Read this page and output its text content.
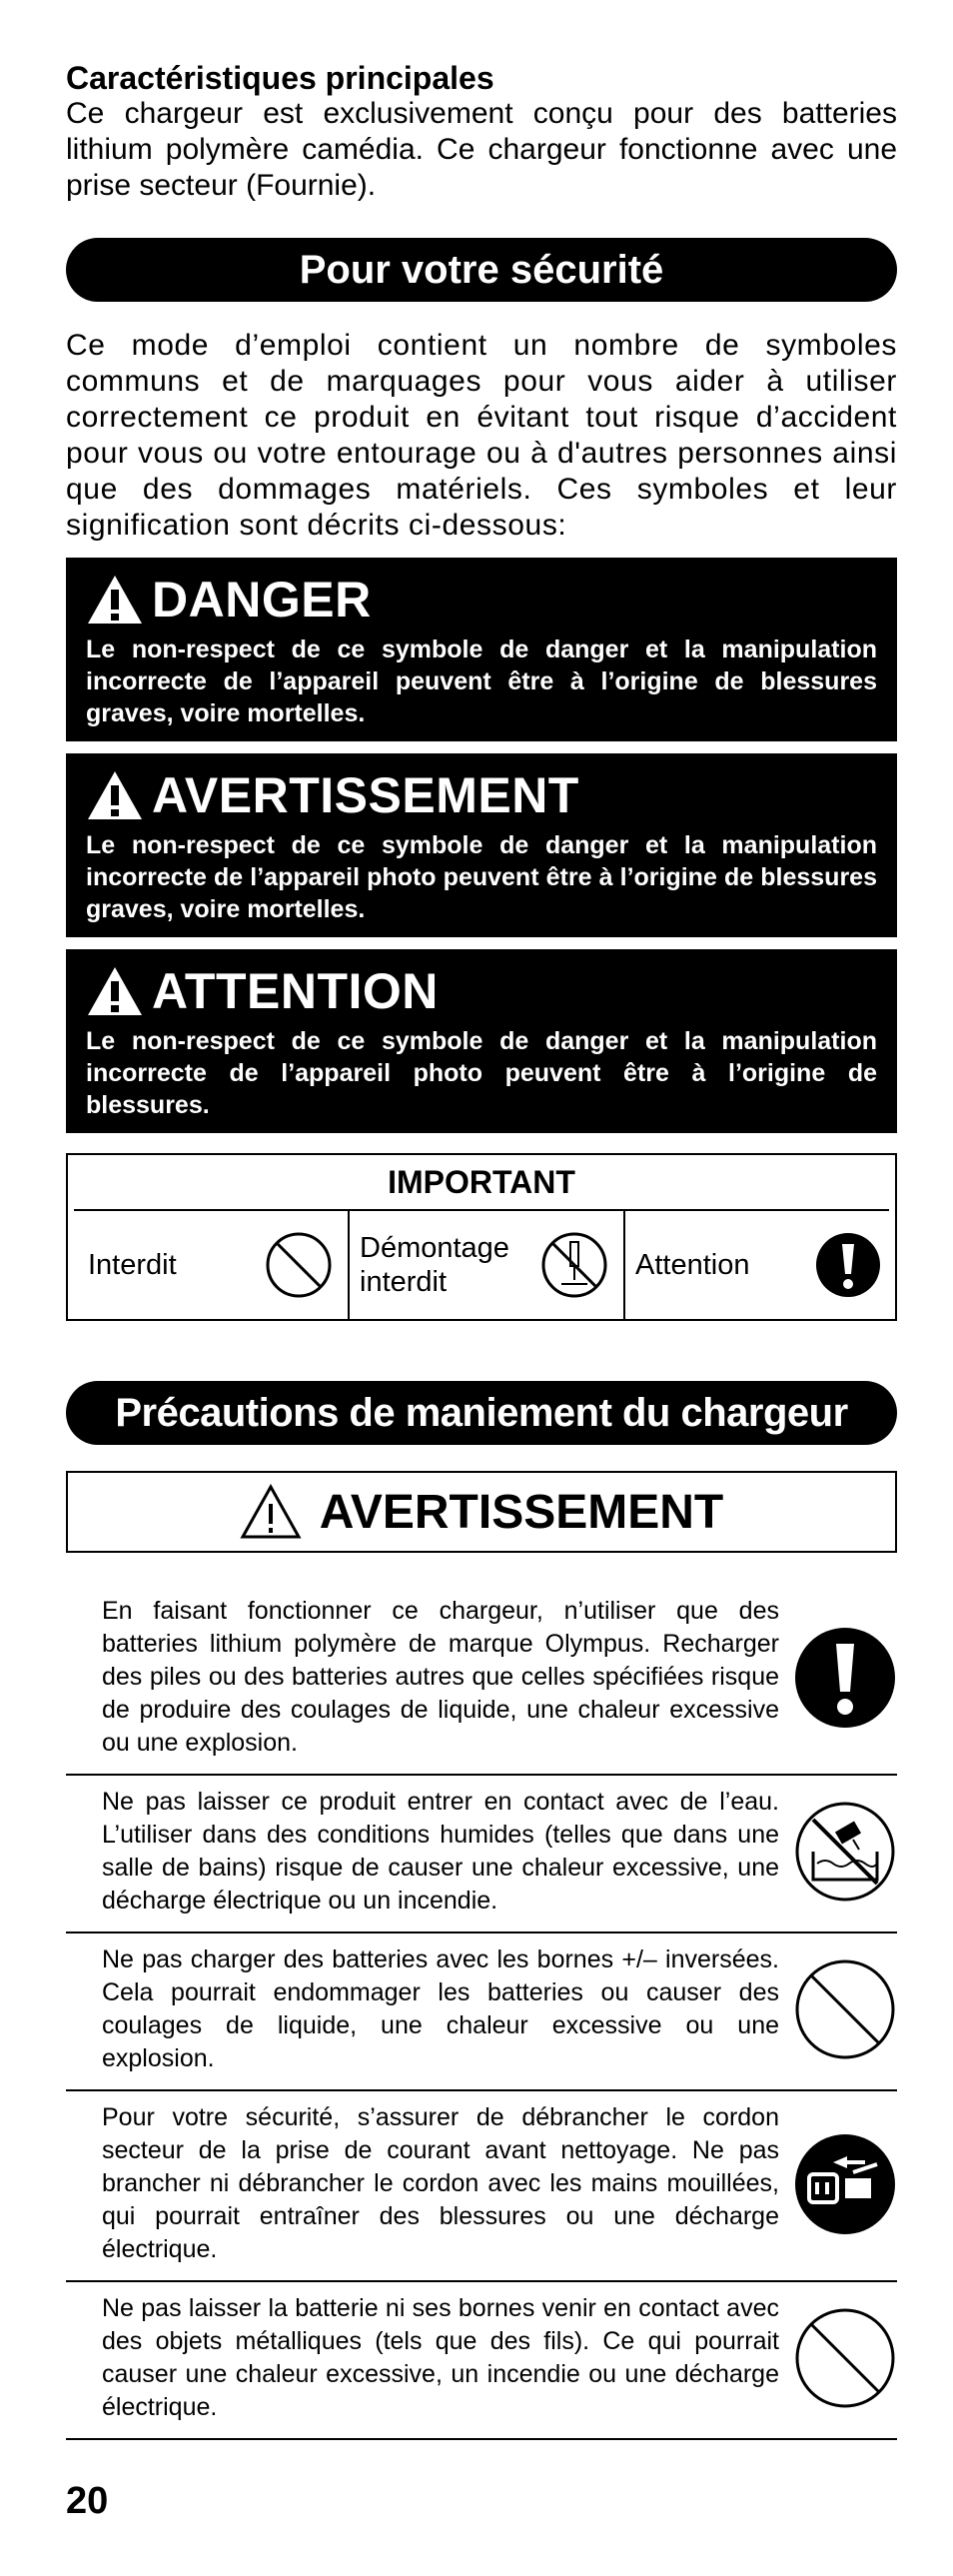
Caractéristiques principales

Ce chargeur est exclusivement conçu pour des batteries lithium polymère camédia. Ce chargeur fonctionne avec une prise secteur (Fournie).

Pour votre sécurité
Ce mode d’emploi contient un nombre de symboles communs et de marquages pour vous aider à utiliser correctement ce produit en évitant tout risque d’accident pour vous ou votre entourage ou à d'autres personnes ainsi que des dommages matériels. Ces symboles et leur signification sont décrits ci-dessous:
DANGER
Le non-respect de ce symbole de danger et la manipulation incorrecte de l’appareil peuvent être à l’origine de blessures graves, voire mortelles.
AVERTISSEMENT
Le non-respect de ce symbole de danger et la manipulation incorrecte de l’appareil photo peuvent être à l’origine de blessures graves, voire mortelles.
ATTENTION
Le non-respect de ce symbole de danger et la manipulation incorrecte de l’appareil photo peuvent être à l’origine de blessures.
IMPORTANT
Interdit
Démontage interdit
Attention
Précautions de maniement du chargeur
AVERTISSEMENT
En faisant fonctionner ce chargeur, n’utiliser que des batteries lithium polymère de marque Olympus. Recharger des piles ou des batteries autres que celles spécifiées risque de produire des coulages de liquide, une chaleur excessive ou une explosion.
Ne pas laisser ce produit entrer en contact avec de l’eau. L’utiliser dans des conditions humides (telles que dans une salle de bains) risque de causer une chaleur excessive, une décharge électrique ou un incendie.
Ne pas charger des batteries avec les bornes +/– inversées. Cela pourrait endommager les batteries ou causer des coulages de liquide, une chaleur excessive ou une explosion.
Pour votre sécurité, s’assurer de débrancher le cordon secteur de la prise de courant avant nettoyage. Ne pas brancher ni débrancher le cordon avec les mains mouillées, qui pourrait entraîner des blessures ou une décharge électrique.
Ne pas laisser la batterie ni ses bornes venir en contact avec des objets métalliques (tels que des fils). Ce qui pourrait causer une chaleur excessive, un incendie ou une décharge électrique.
20
